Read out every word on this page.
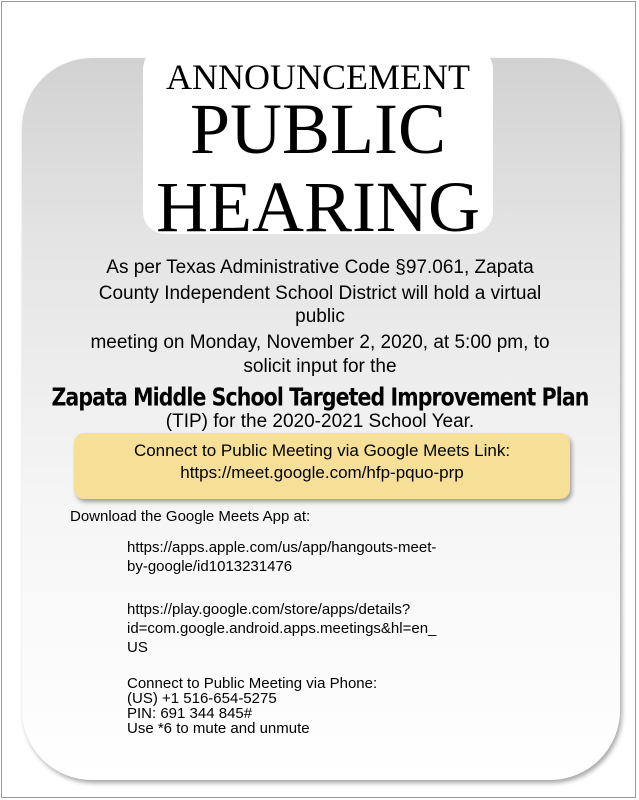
ANNOUNCEMENT
PUBLIC
HEARING
As per Texas Administrative Code §97.061, Zapata
County Independent School District will hold a virtual
public
meeting on Monday, November 2, 2020, at 5:00 pm, to
solicit input for the
Zapata Middle School Targeted Improvement Plan
(TIP) for the 2020-2021 School Year.
Connect to Public Meeting via Google Meets Link:
https://meet.google.com/hfp-pquo-prp
Download the Google Meets App at:
https://apps.apple.com/us/app/hangouts-meet-
by-google/id1013231476
https://play.google.com/store/apps/details?
id=com.google.android.apps.meetings&hl=en_
US
Connect to Public Meeting via Phone:
(US) +1 516-654-5275
PIN: 691 344 845#
Use *6 to mute and unmute
